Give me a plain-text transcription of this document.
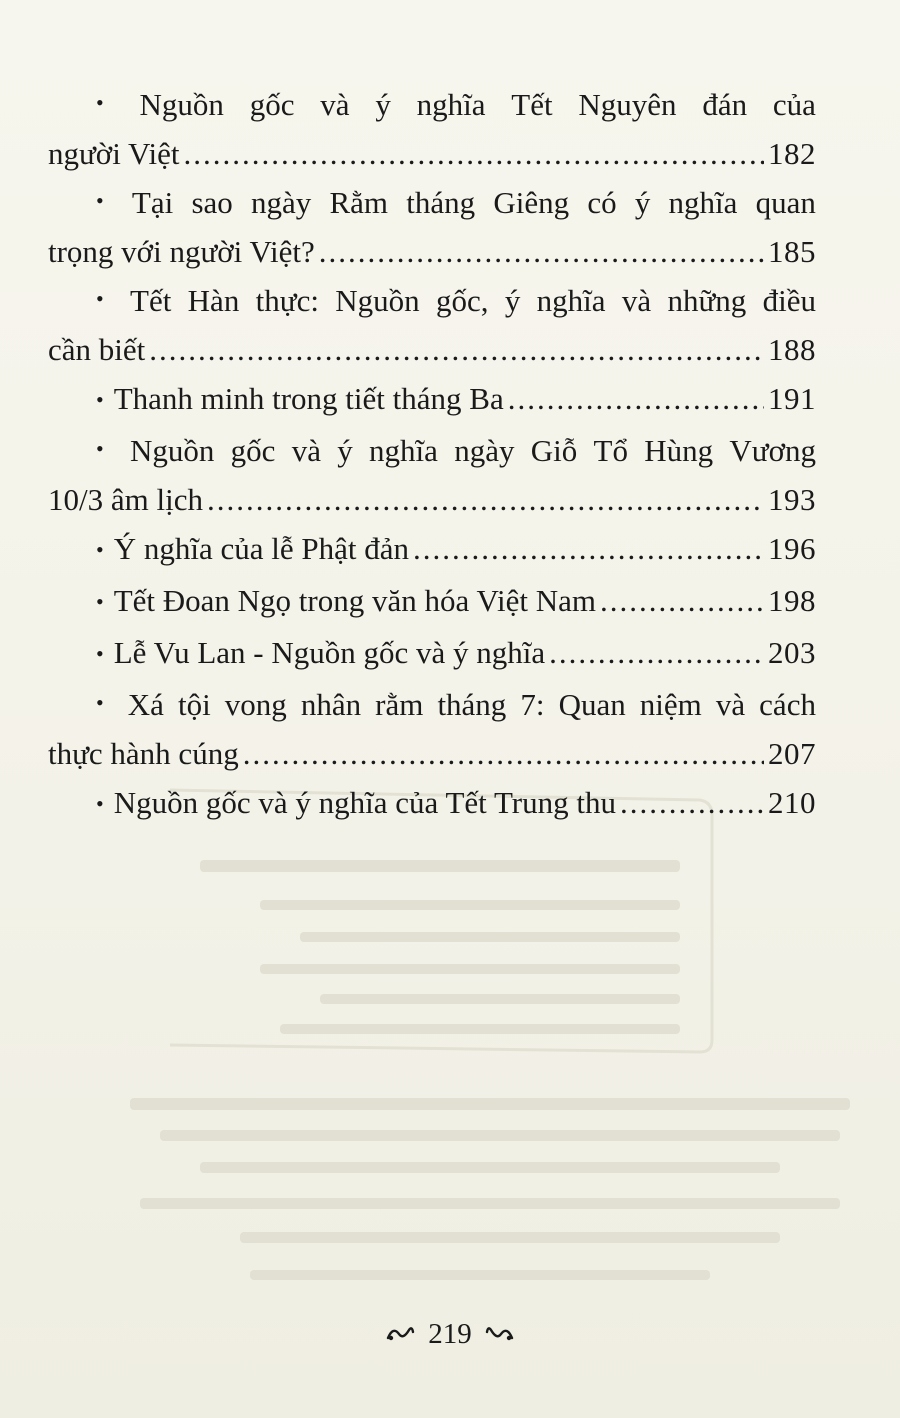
• Nguồn gốc và ý nghĩa Tết Nguyên đán của
người Việt .....	182
• Tại sao ngày Rằm tháng Giêng có ý nghĩa quan
trọng với người Việt? .....	185
• Tết Hàn thực: Nguồn gốc, ý nghĩa và những điều
cần biết .....	188
• Thanh minh trong tiết tháng Ba .....	191
• Nguồn gốc và ý nghĩa ngày Giỗ Tổ Hùng Vương
10/3 âm lịch .....	193
• Ý nghĩa của lễ Phật đản .....	196
• Tết Đoan Ngọ trong văn hóa Việt Nam .....	198
• Lễ Vu Lan - Nguồn gốc và ý nghĩa .....	203
• Xá tội vong nhân rằm tháng 7: Quan niệm và cách
thực hành cúng .....	207
• Nguồn gốc và ý nghĩa của Tết Trung thu .....	210
219
